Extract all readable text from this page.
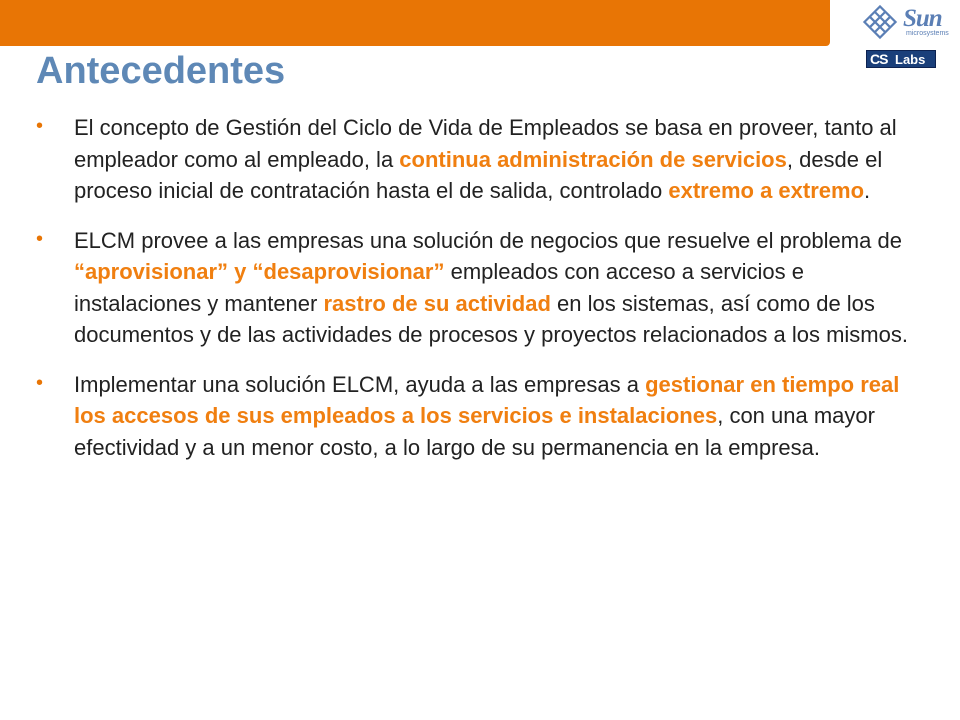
Sun
microsystems
CS Labs
Antecedentes
• El concepto de Gestión del Ciclo de Vida de Empleados se basa en proveer, tanto al empleador como al empleado, la continua administración de servicios, desde el proceso inicial de contratación hasta el de salida, controlado extremo a extremo.
• ELCM provee a las empresas una solución de negocios que resuelve el problema de “aprovisionar” y “desaprovisionar” empleados con acceso a servicios e instalaciones y mantener rastro de su actividad en los sistemas, así como de los documentos y de las actividades de procesos y proyectos relacionados a los mismos.
• Implementar una solución ELCM, ayuda a las empresas a gestionar en tiempo real los accesos de sus empleados a los servicios e instalaciones, con una mayor efectividad y a un menor costo, a lo largo de su permanencia en la empresa.
